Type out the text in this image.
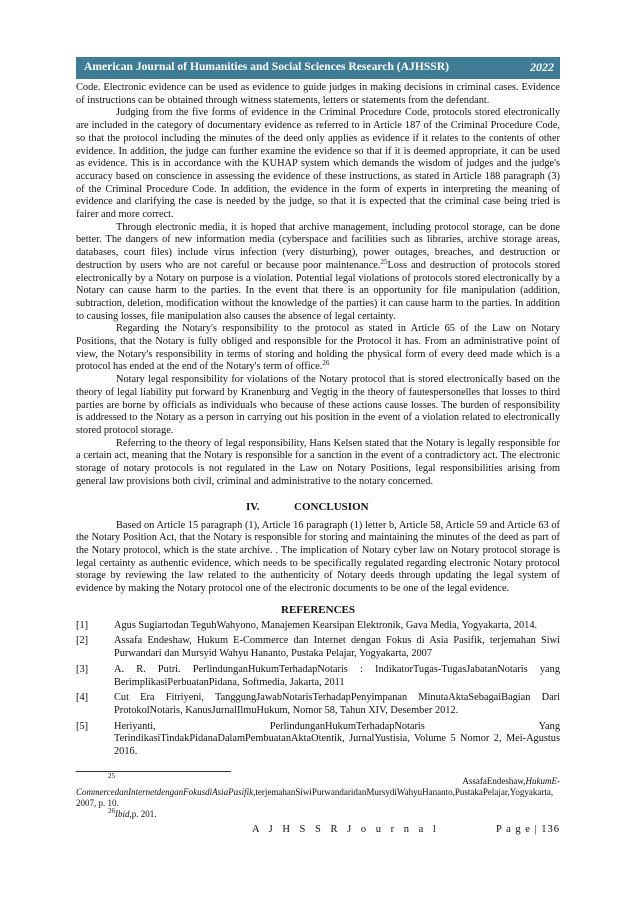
American Journal of Humanities and Social Sciences Research (AJHSSR)	2022

Code. Electronic evidence can be used as evidence to guide judges in making decisions in criminal cases. Evidence of instructions can be obtained through witness statements, letters or statements from the defendant.

Judging from the five forms of evidence in the Criminal Procedure Code, protocols stored electronically are included in the category of documentary evidence as referred to in Article 187 of the Criminal Procedure Code, so that the protocol including the minutes of the deed only applies as evidence if it relates to the contents of other evidence. In addition, the judge can further examine the evidence so that if it is deemed appropriate, it can be used as evidence. This is in accordance with the KUHAP system which demands the wisdom of judges and the judge's accuracy based on conscience in assessing the evidence of these instructions, as stated in Article 188 paragraph (3) of the Criminal Procedure Code. In addition, the evidence in the form of experts in interpreting the meaning of evidence and clarifying the case is needed by the judge, so that it is expected that the criminal case being tried is fairer and more correct.

Through electronic media, it is hoped that archive management, including protocol storage, can be done better. The dangers of new information media (cyberspace and facilities such as libraries, archive storage areas, databases, court files) include virus infection (very disturbing), power outages, breaches, and destruction or destruction by users who are not careful or because poor maintenance.$^{25}$Loss and destruction of protocols stored electronically by a Notary on purpose is a violation. Potential legal violations of protocols stored electronically by a Notary can cause harm to the parties. In the event that there is an opportunity for file manipulation (addition, subtraction, deletion, modification without the knowledge of the parties) it can cause harm to the parties. In addition to causing losses, file manipulation also causes the absence of legal certainty.

Regarding the Notary's responsibility to the protocol as stated in Article 65 of the Law on Notary Positions, that the Notary is fully obliged and responsible for the Protocol it has. From an administrative point of view, the Notary's responsibility in terms of storing and holding the physical form of every deed made which is a protocol has ended at the end of the Notary's term of office.$^{26}$

Notary legal responsibility for violations of the Notary protocol that is stored electronically based on the theory of legal liability put forward by Kranenburg and Vegtig in the theory of fautespersonelles that losses to third parties are borne by officials as individuals who because of these actions cause losses. The burden of responsibility is addressed to the Notary as a person in carrying out his position in the event of a violation related to electronically stored protocol storage.

Referring to the theory of legal responsibility, Hans Kelsen stated that the Notary is legally responsible for a certain act, meaning that the Notary is responsible for a sanction in the event of a contradictory act. The electronic storage of notary protocols is not regulated in the Law on Notary Positions, legal responsibilities arising from general law provisions both civil, criminal and administrative to the notary concerned.

IV.	CONCLUSION

Based on Article 15 paragraph (1), Article 16 paragraph (1) letter b, Article 58, Article 59 and Article 63 of the Notary Position Act, that the Notary is responsible for storing and maintaining the minutes of the deed as part of the Notary protocol, which is the state archive. . The implication of Notary cyber law on Notary protocol storage is legal certainty as authentic evidence, which needs to be specifically regulated regarding electronic Notary protocol storage by reviewing the law related to the authenticity of Notary deeds through updating the legal system of evidence by making the Notary protocol one of the electronic documents to be one of the legal evidence.

REFERENCES
[1]	Agus Sugiartodan TeguhWahyono, Manajemen Kearsipan Elektronik, Gava Media, Yogyakarta, 2014.
[2]	Assafa Endeshaw, Hukum E-Commerce dan Internet dengan Fokus di Asia Pasifik, terjemahan Siwi Purwandari dan Mursyid Wahyu Hananto, Pustaka Pelajar, Yogyakarta, 2007
[3]	A. R. Putri. PerlindunganHukumTerhadapNotaris : IndikatorTugas-TugasJabatanNotaris yang BerimplikasiPerbuatanPidana, Softmedia, Jakarta, 2011
[4]	Cut Era Fitriyeni, TanggungJawabNotarisTerhadapPenyimpanan MinutaAktaSebagaiBagian Dari ProtokolNotaris, KanusJurnalIlmuHukum, Nomor 58, Tahun XIV, Desember 2012.
[5]	Heriyanti, PerlindunganHukumTerhadapNotaris Yang TerindikasiTindakPidanaDalamPembuatanAktaOtentik, JurnalYustisia, Volume 5 Nomor 2, Mei-Agustus 2016.
25	AssafaEndeshaw,HukumE-
CommercedanInternetdenganFokusdiAsiaPasifik,terjemahanSiwiPurwandaridanMursydiWahyuHananto,PustakaPelajar,Yogyakarta, 2007, p. 10.
$^{26}$Ibid,p. 201.
A J H S S R J o u r n a l	P a g e | 136
